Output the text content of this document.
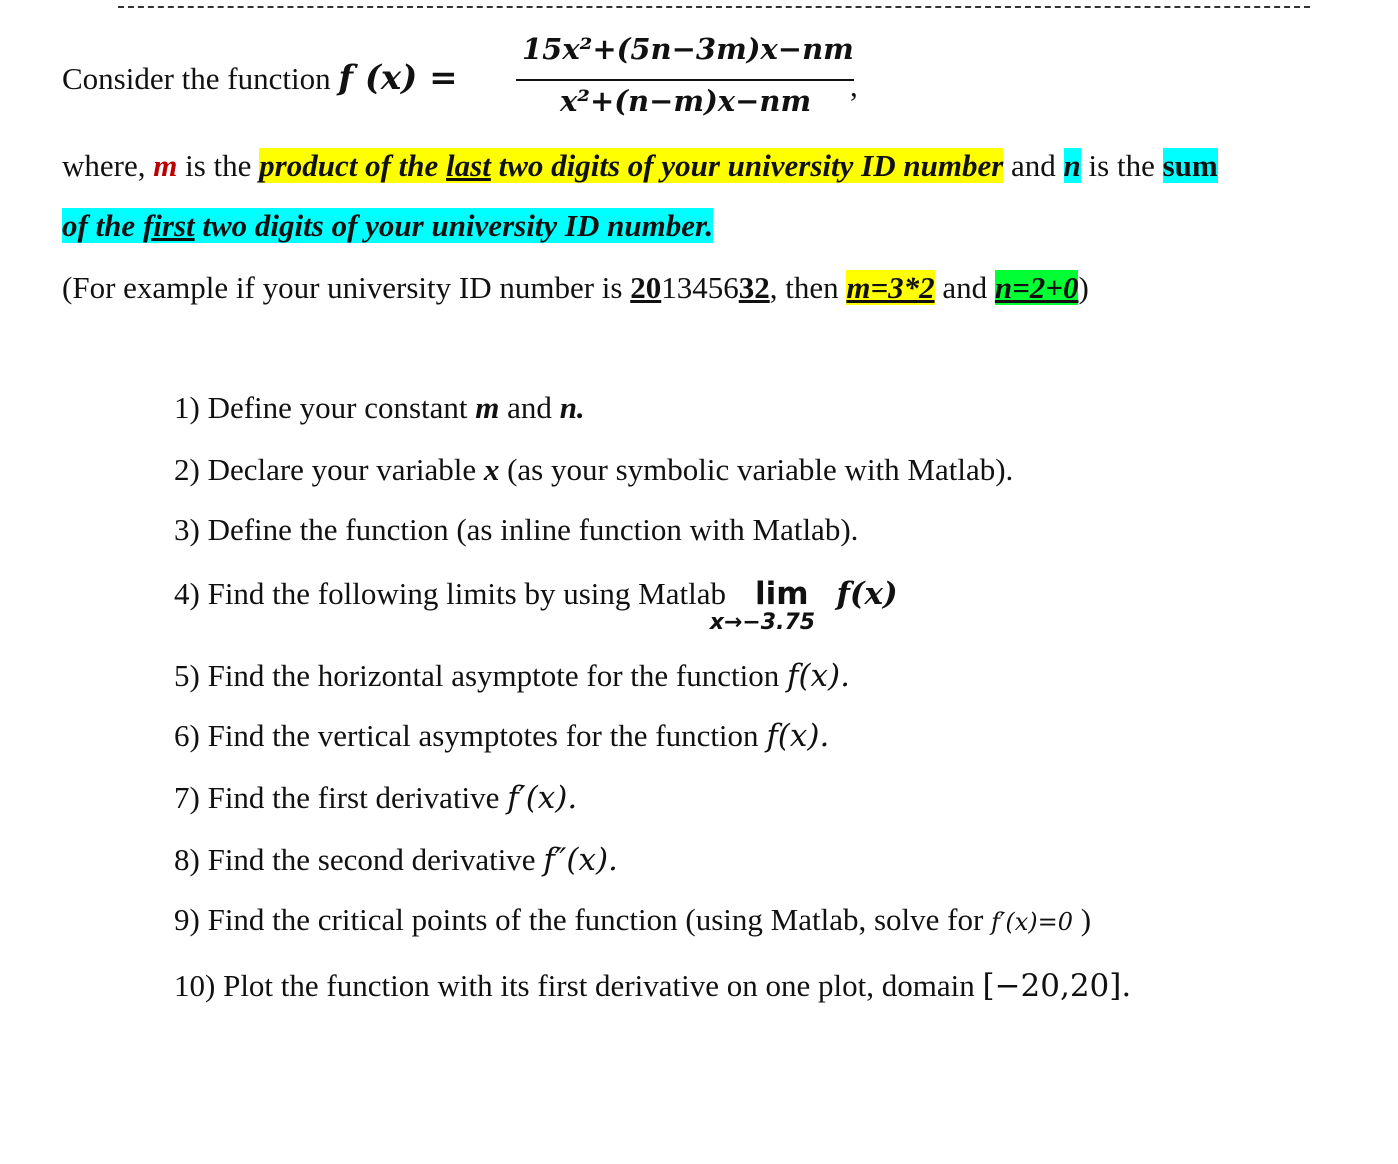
Consider the function f (x) =
15x²+(5n−3m)x−nm
x²+(n−m)x−nm ,
where, m is the product of the last two digits of your university ID number and n is the sum
of the first two digits of your university ID number.
(For example if your university ID number is 201345632, then m=3*2 and n=2+0)
1) Define your constant m and n.
2) Declare your variable x (as your symbolic variable with Matlab).
3) Define the function (as inline function with Matlab).
4) Find the following limits by using Matlab lim
x→−3.75
f(x)
5) Find the horizontal asymptote for the function f(x).
6) Find the vertical asymptotes for the function f(x).
7) Find the first derivative f′(x).
8) Find the second derivative f″(x).
9) Find the critical points of the function (using Matlab, solve for f′(x)=0 )
10) Plot the function with its first derivative on one plot, domain [−20,20].
